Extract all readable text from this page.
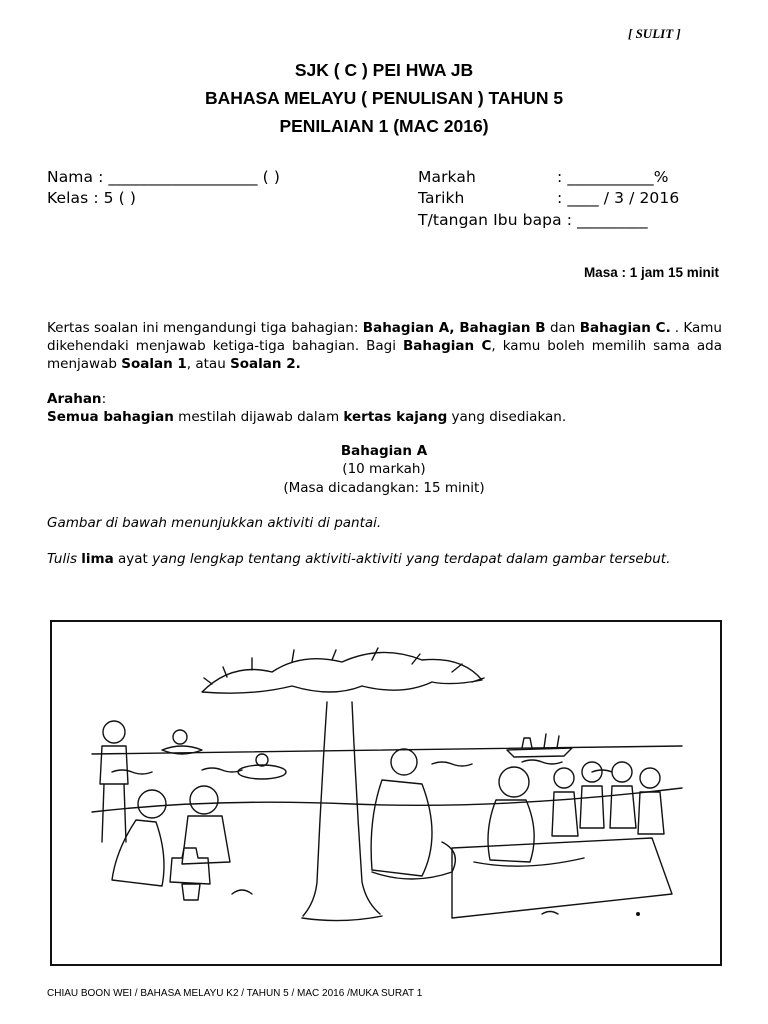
[ SULIT ]
SJK ( C ) PEI HWA JB
BAHASA MELAYU ( PENULISAN ) TAHUN 5
PENILAIAN 1 (MAC 2016)
Nama : ___________________ ( )
Kelas : 5 ( )
Markah	: ___________%
Tarikh	: ____ / 3 / 2016
T/tangan Ibu bapa : _________
Masa : 1 jam 15 minit
Kertas soalan ini mengandungi tiga bahagian: Bahagian A, Bahagian B dan Bahagian C. . Kamu dikehendaki menjawab ketiga-tiga bahagian. Bagi Bahagian C, kamu boleh memilih sama ada menjawab Soalan 1, atau Soalan 2.
Arahan:
Semua bahagian mestilah dijawab dalam kertas kajang yang disediakan.
Bahagian A
(10 markah)
(Masa dicadangkan: 15 minit)
Gambar di bawah menunjukkan aktiviti di pantai.
Tulis lima ayat yang lengkap tentang aktiviti-aktiviti yang terdapat dalam gambar tersebut.
CHIAU BOON WEI / BAHASA MELAYU K2 / TAHUN 5 / MAC 2016 /MUKA SURAT 1
